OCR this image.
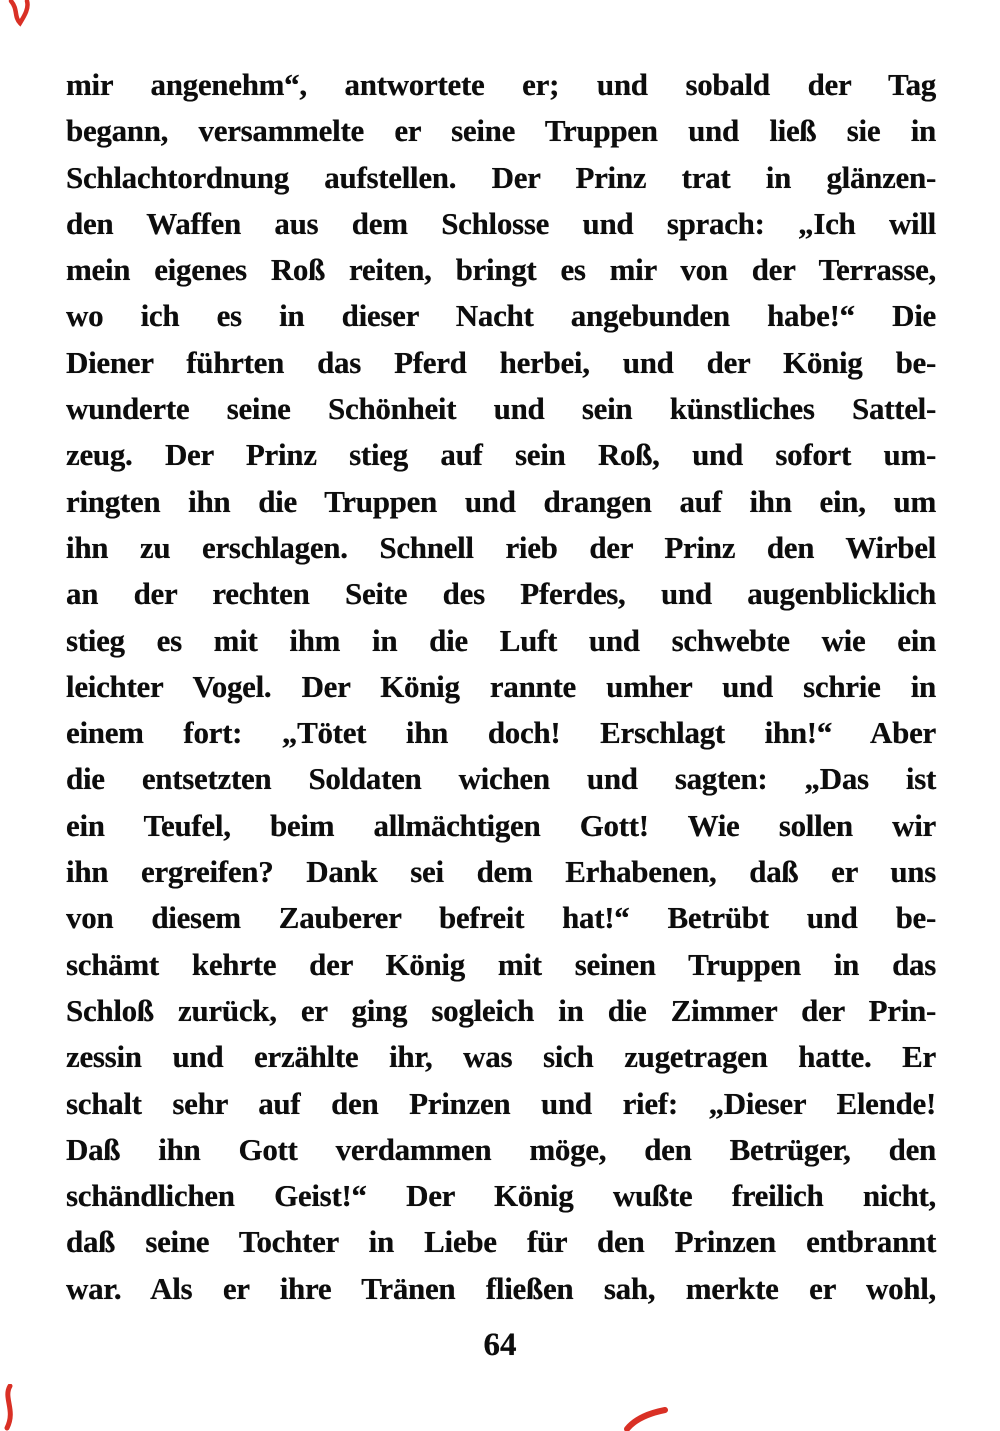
mir angenehm“, antwortete er; und sobald der Tag
begann, versammelte er seine Truppen und ließ sie in
Schlachtordnung aufstellen. Der Prinz trat in glänzen-
den Waffen aus dem Schlosse und sprach: „Ich will
mein eigenes Roß reiten, bringt es mir von der Terrasse,
wo ich es in dieser Nacht angebunden habe!“ Die
Diener führten das Pferd herbei, und der König be-
wunderte seine Schönheit und sein künstliches Sattel-
zeug. Der Prinz stieg auf sein Roß, und sofort um-
ringten ihn die Truppen und drangen auf ihn ein, um
ihn zu erschlagen. Schnell rieb der Prinz den Wirbel
an der rechten Seite des Pferdes, und augenblicklich
stieg es mit ihm in die Luft und schwebte wie ein
leichter Vogel. Der König rannte umher und schrie in
einem fort: „Tötet ihn doch! Erschlagt ihn!“ Aber
die entsetzten Soldaten wichen und sagten: „Das ist
ein Teufel, beim allmächtigen Gott! Wie sollen wir
ihn ergreifen? Dank sei dem Erhabenen, daß er uns
von diesem Zauberer befreit hat!“ Betrübt und be-
schämt kehrte der König mit seinen Truppen in das
Schloß zurück, er ging sogleich in die Zimmer der Prin-
zessin und erzählte ihr, was sich zugetragen hatte. Er
schalt sehr auf den Prinzen und rief: „Dieser Elende!
Daß ihn Gott verdammen möge, den Betrüger, den
schändlichen Geist!“ Der König wußte freilich nicht,
daß seine Tochter in Liebe für den Prinzen entbrannt
war. Als er ihre Tränen fließen sah, merkte er wohl,
64
